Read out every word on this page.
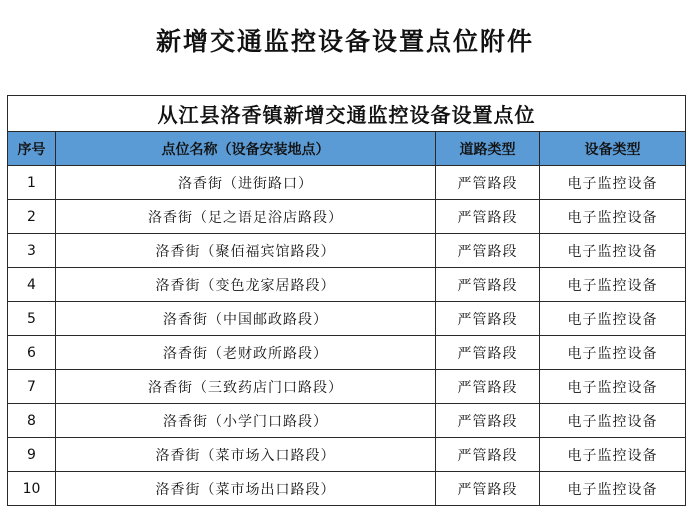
新增交通监控设备设置点位附件
从江县洛香镇新增交通监控设备设置点位			
序号	点位名称（设备安装地点）	道路类型	设备类型
1	洛香街（进街路口）	严管路段	电子监控设备
2	洛香街（足之语足浴店路段）	严管路段	电子监控设备
3	洛香街（聚佰福宾馆路段）	严管路段	电子监控设备
4	洛香街（变色龙家居路段）	严管路段	电子监控设备
5	洛香街（中国邮政路段）	严管路段	电子监控设备
6	洛香街（老财政所路段）	严管路段	电子监控设备
7	洛香街（三致药店门口路段）	严管路段	电子监控设备
8	洛香街（小学门口路段）	严管路段	电子监控设备
9	洛香街（菜市场入口路段）	严管路段	电子监控设备
10	洛香街（菜市场出口路段）	严管路段	电子监控设备
